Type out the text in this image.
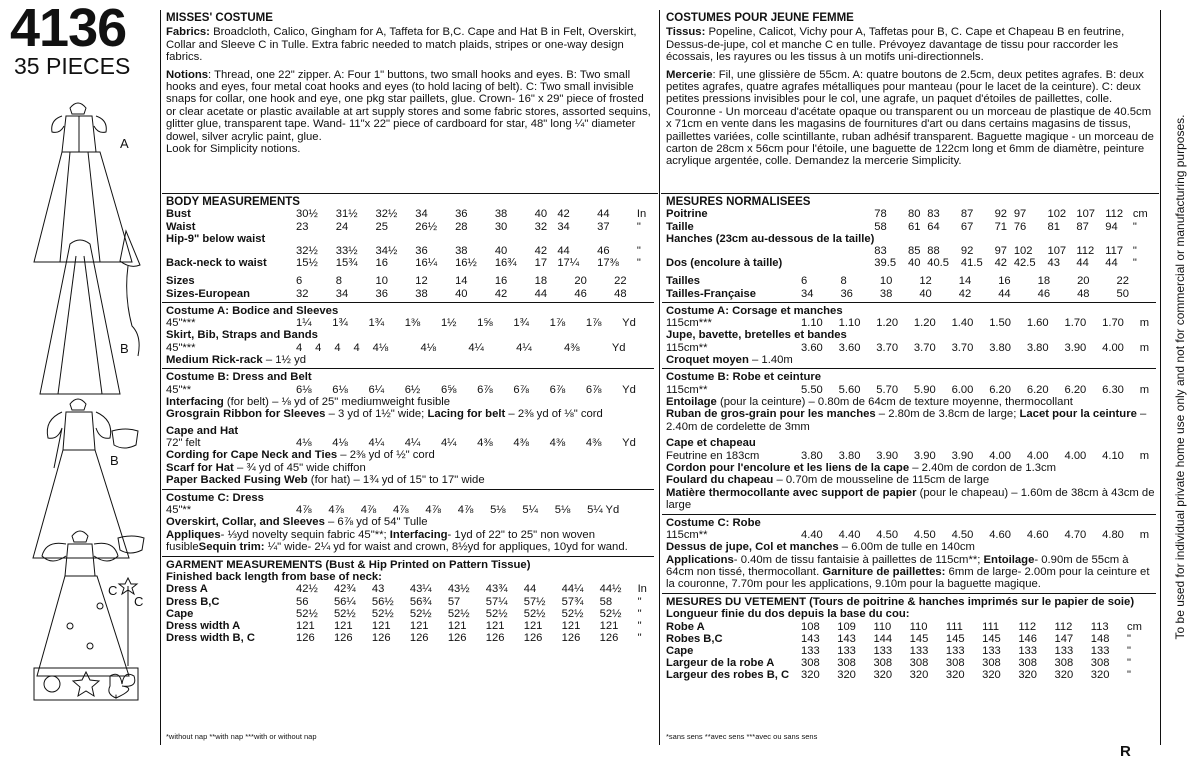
4136
35 PIECES
A
B
B
C
C
MISSES' COSTUME
Fabrics: Broadcloth, Calico, Gingham for A, Taffeta for B,C. Cape and Hat B in Felt, Overskirt, Collar and Sleeve C in Tulle. Extra fabric needed to match plaids, stripes or one-way design fabrics.
Notions: Thread, one 22" zipper. A: Four 1" buttons, two small hooks and eyes. B: Two small hooks and eyes, four metal coat hooks and eyes (to hold lacing of belt). C: Two small invisible snaps for collar, one hook and eye, one pkg star paillets, glue. Crown- 16" x 29" piece of frosted or clear acetate or plastic available at art supply stores and some fabric stores, assorted sequins, glitter glue, transparent tape. Wand- 11"x 22" piece of cardboard for star, 48" long ¼" diameter dowel, silver acrylic paint, glue.
Look for Simplicity notions.
COSTUMES POUR JEUNE FEMME
Tissus: Popeline, Calicot, Vichy pour A, Taffetas pour B, C. Cape et Chapeau B en feutrine, Dessus-de-jupe, col et manche C en tulle. Prévoyez davantage de tissu pour raccorder les écossais, les rayures ou les tissus à un motifs uni-directionnels.
Mercerie: Fil, une glissière de 55cm. A: quatre boutons de 2.5cm, deux petites agrafes. B: deux petites agrafes, quatre agrafes métalliques pour manteau (pour le lacet de la ceinture). C: deux petites pressions invisibles pour le col, une agrafe, un paquet d'étoiles de paillettes, colle. Couronne - Un morceau d'acétate opaque ou transparent ou un morceau de plastique de 40.5cm x 71cm en vente dans les magasins de fournitures d'art ou dans certains magasins de tissus, paillettes variées, colle scintillante, ruban adhésif transparent. Baguette magique - un morceau de carton de 28cm x 56cm pour l'étoile, une baguette de 122cm long et 6mm de diamètre, peinture acrylique argentée, colle. Demandez la mercerie Simplicity.
BODY MEASUREMENTS
Bust	30½	31½	32½	34	36	38	40	42	44	In
Waist	23	24	25	26½	28	30	32	34	37	"
Hip-9" below waist										
	32½	33½	34½	36	38	40	42	44	46	"
Back-neck to waist	15½	15¾	16	16¼	16½	16¾	17	17¼	17⅜	"
Sizes	6	8	10	12	14	16	18	20	22	
Sizes-European	32	34	36	38	40	42	44	46	48	
Costume A: Bodice and Sleeves
45"***	1¼	1¾	1¾	1⅜	1½	1⅝	1¾	1⅞	1⅞	Yd
Skirt, Bib, Straps and Bands
45"***	4	4	4	4	4⅛	4⅛	4¼	4¼	4⅜	Yd
Medium Rick-rack – 1½ yd
Costume B: Dress and Belt
45"**	6⅛	6⅛	6¼	6½	6⅝	6⅞	6⅞	6⅞	6⅞	Yd
Interfacing (for belt) – ⅛ yd of 25" mediumweight fusible
Grosgrain Ribbon for Sleeves – 3 yd of 1½" wide; Lacing for belt – 2⅜ yd of ⅛" cord
Cape and Hat
72" felt	4⅛	4⅛	4¼	4¼	4¼	4⅜	4⅜	4⅜	4⅜	Yd
Cording for Cape Neck and Ties – 2⅜ yd of ½" cord
Scarf for Hat – ¾ yd of 45" wide chiffon
Paper Backed Fusing Web (for hat) – 1¾ yd of 15" to 17" wide
Costume C: Dress
45"**	4⅞	4⅞	4⅞	4⅞	4⅞	4⅞	5⅛	5¼	5⅛	5¼ Yd
Overskirt, Collar, and Sleeves – 6⅞ yd of 54" Tulle
Appliques- ⅓yd novelty sequin fabric 45"**; Interfacing- 1yd of 22" to 25" non woven fusibleSequin trim: ¼" wide- 2¼ yd for waist and crown, 8½yd for appliques, 10yd for wand.
GARMENT MEASUREMENTS (Bust & Hip Printed on Pattern Tissue)
Finished back length from base of neck:
Dress A	42½	42¾	43	43¼	43½	43¾	44	44¼	44½	In
Dress B,C	56	56¼	56½	56¾	57	57¼	57½	57¾	58	"
Cape	52½	52½	52½	52½	52½	52½	52½	52½	52½	"
Dress width A	121	121	121	121	121	121	121	121	121	"
Dress width B, C	126	126	126	126	126	126	126	126	126	"
MESURES NORMALISEES
Poitrine	78	80	83	87	92	97	102	107	112	cm
Taille	58	61	64	67	71	76	81	87	94	"
Hanches (23cm au-dessous de la taille)										
	83	85	88	92	97	102	107	112	117	"
Dos (encolure à taille)	39.5	40	40.5	41.5	42	42.5	43	44	44	"
Tailles	6	8	10	12	14	16	18	20	22	
Tailles-Française	34	36	38	40	42	44	46	48	50	
Costume A: Corsage et manches
115cm***	1.10	1.10	1.20	1.20	1.40	1.50	1.60	1.70	1.70	m
Jupe, bavette, bretelles et bandes
115cm**	3.60	3.60	3.70	3.70	3.70	3.80	3.80	3.90	4.00	m
Croquet moyen – 1.40m
Costume B: Robe et ceinture
115cm**	5.50	5.60	5.70	5.90	6.00	6.20	6.20	6.20	6.30	m
Entoilage (pour la ceinture) – 0.80m de 64cm de texture moyenne, thermocollant
Ruban de gros-grain pour les manches – 2.80m de 3.8cm de large; Lacet pour la ceinture – 2.40m de cordelette de 3mm
Cape et chapeau
Feutrine en 183cm	3.80	3.80	3.90	3.90	3.90	4.00	4.00	4.00	4.10	m
Cordon pour l'encolure et les liens de la cape – 2.40m de cordon de 1.3cm
Foulard du chapeau – 0.70m de mousseline de 115cm de large
Matière thermocollante avec support de papier (pour le chapeau) – 1.60m de 38cm à 43cm de large
Costume C: Robe
115cm**	4.40	4.40	4.50	4.50	4.50	4.60	4.60	4.70	4.80	m
Dessus de jupe, Col et manches – 6.00m de tulle en 140cm
Applications- 0.40m de tissu fantaisie à paillettes de 115cm**; Entoilage- 0.90m de 55cm à 64cm non tissé, thermocollant. Garniture de paillettes: 6mm de large- 2.00m pour la ceinture et la couronne, 7.70m pour les applications, 9.10m pour la baguette magique.
MESURES DU VETEMENT (Tours de poitrine & hanches imprimés sur le papier de soie)
Longueur finie du dos depuis la base du cou:
Robe A	108	109	110	110	111	111	112	112	113	cm
Robes B,C	143	143	144	145	145	145	146	147	148	"
Cape	133	133	133	133	133	133	133	133	133	"
Largeur de la robe A	308	308	308	308	308	308	308	308	308	"
Largeur des robes B, C	320	320	320	320	320	320	320	320	320	"
*without nap **with nap ***with or without nap	*sans sens **avec sens ***avec ou sans sens
To be used for individual private home use only and not for commercial or manufacturing purposes.
R
